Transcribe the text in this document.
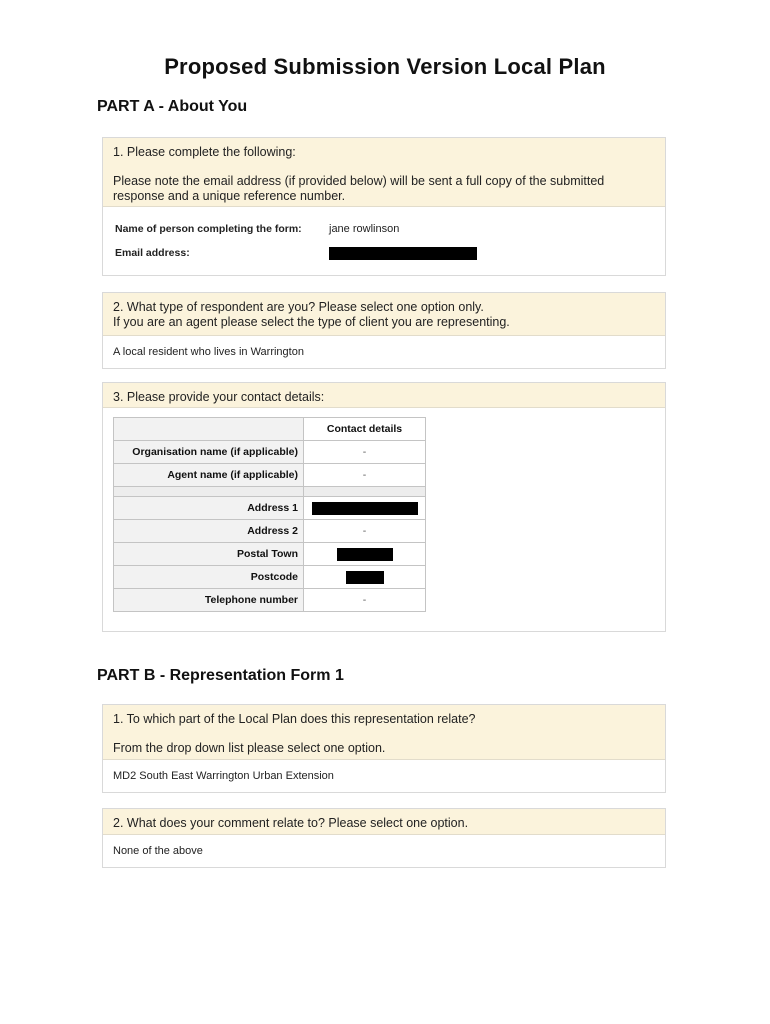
Proposed Submission Version Local Plan
PART A - About You

1. Please complete the following:

Please note the email address (if provided below) will be sent a full copy of the submitted response and a unique reference number.

Name of person completing the form:	jane rowlinson
Email address:

2. What type of respondent are you? Please select one option only.

If you are an agent please select the type of client you are representing.

A local resident who lives in Warrington
3. Please provide your contact details:
	Contact details
Organisation name (if applicable)	-
Agent name (if applicable)	-

Address 1	
Address 2	-
Postal Town	
Postcode	
Telephone number	-
PART B - Representation Form 1

1. To which part of the Local Plan does this representation relate?

From the drop down list please select one option.

MD2 South East Warrington Urban Extension
2. What does your comment relate to? Please select one option.
None of the above
